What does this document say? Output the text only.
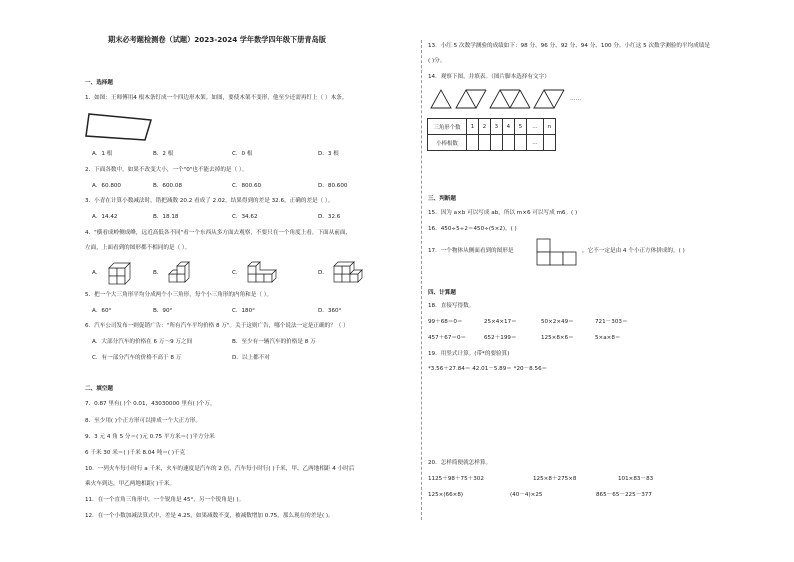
期末必考题检测卷（试题）2023-2024 学年数学四年级下册青岛版
一、选择题
1．如图：王师傅用4 根木条钉成一个四边形木架。如图，要使木架不变形，他至少还需再钉上（ ）木条。
A．1 根	B．2 根	C．0 根	D．3 根
2．下面各数中，如果不改变大小，一个"0"也不能去掉的是（ ）。
A．60.800	B．600.08	C．800.60	D．80.600
3．小青在计算小数减法时，错把减数 20.2 看成了 2.02，结果得到的差是 32.6，正确的差是（ ）。
A．14.42	B．18.18	C．34.62	D．32.6
4．"横看成岭侧成峰，远近高低各不同"看一个东西从多方面去观察，不要只在一个角度上看。下面从前面、
左面，上面看到的图形都不相同的是（ ）。
A．	B．	C．	D．
5．把一个大三角形平均分成两个小三角形，每个小三角形的内角和是（ ）。
A．60°	B．90°	C．180°	D．360°
6．汽车公司发布一则促销广告："所有汽车平均价格 8 万"。关于这则广告，哪个说法一定是正确的？（ ）
A．大部分汽车的价格在 6 万～9 万之间	B．至少有一辆汽车的价格是 8 万
C．有一部分汽车的价格不高于 8 万	D．以上都不对
二、填空题
7．0.87 里有( )个 0.01，43030000 里有( )个万。
8．至少用( )个正方形可以拼成一个大正方形。
9．3 元 4 角 5 分＝( )元 0.75 平方米＝( )平方分米
6 千米 30 米＝( )千米 8.04 吨＝( )千克
10．一列火车每小时行 a 千米，火车的速度是汽车的 2 倍，汽车每小时行( )千米，甲、乙两地相距 4 小时后
乘火车到达，甲乙两地相距( )千米。
11．在一个直角三角形中，一个锐角是 45°，另一个锐角是( )。
12．在一个小数加减法算式中，差是 4.25，如果减数不变，被减数增加 0.75，那么现在的差是( )。
13．小红 5 次数学测验的成绩如下：98 分、96 分、92 分、94 分、100 分。小红这 5 次数学测验的平均成绩是
( )分。
14．观察下图，并填表。（图片脚本选择有文字）
……
三角形个数	1	2	3	4	5	…	n
小棒根数						…	
三、判断题
15．因为 a×b 可以写成 ab，所以 m×6 可以写成 m6。( )
16．450÷5÷2＝450÷(5×2)。( )
17．一个物体从侧面看到的图形是	，它不一定是由 4 个小正方体拼成的。( )
四、计算题
18．直接写得数。
99＋68＝0＝	25×4×17＝	50×2×49＝	721－303＝
457＋67＝0＝	652＋199＝	125×8×6＝	5×a×8＝
19．用竖式计算。(带*的要验算)
*3.56＋27.84＝ 42.01－5.89＝ *20－8.56＝
20．怎样简便就怎样算。
1125＋98＋75＋302	125×8＋275×8	101×83－83
125×(66×8)	(40－4)×25	865－65－225－377
